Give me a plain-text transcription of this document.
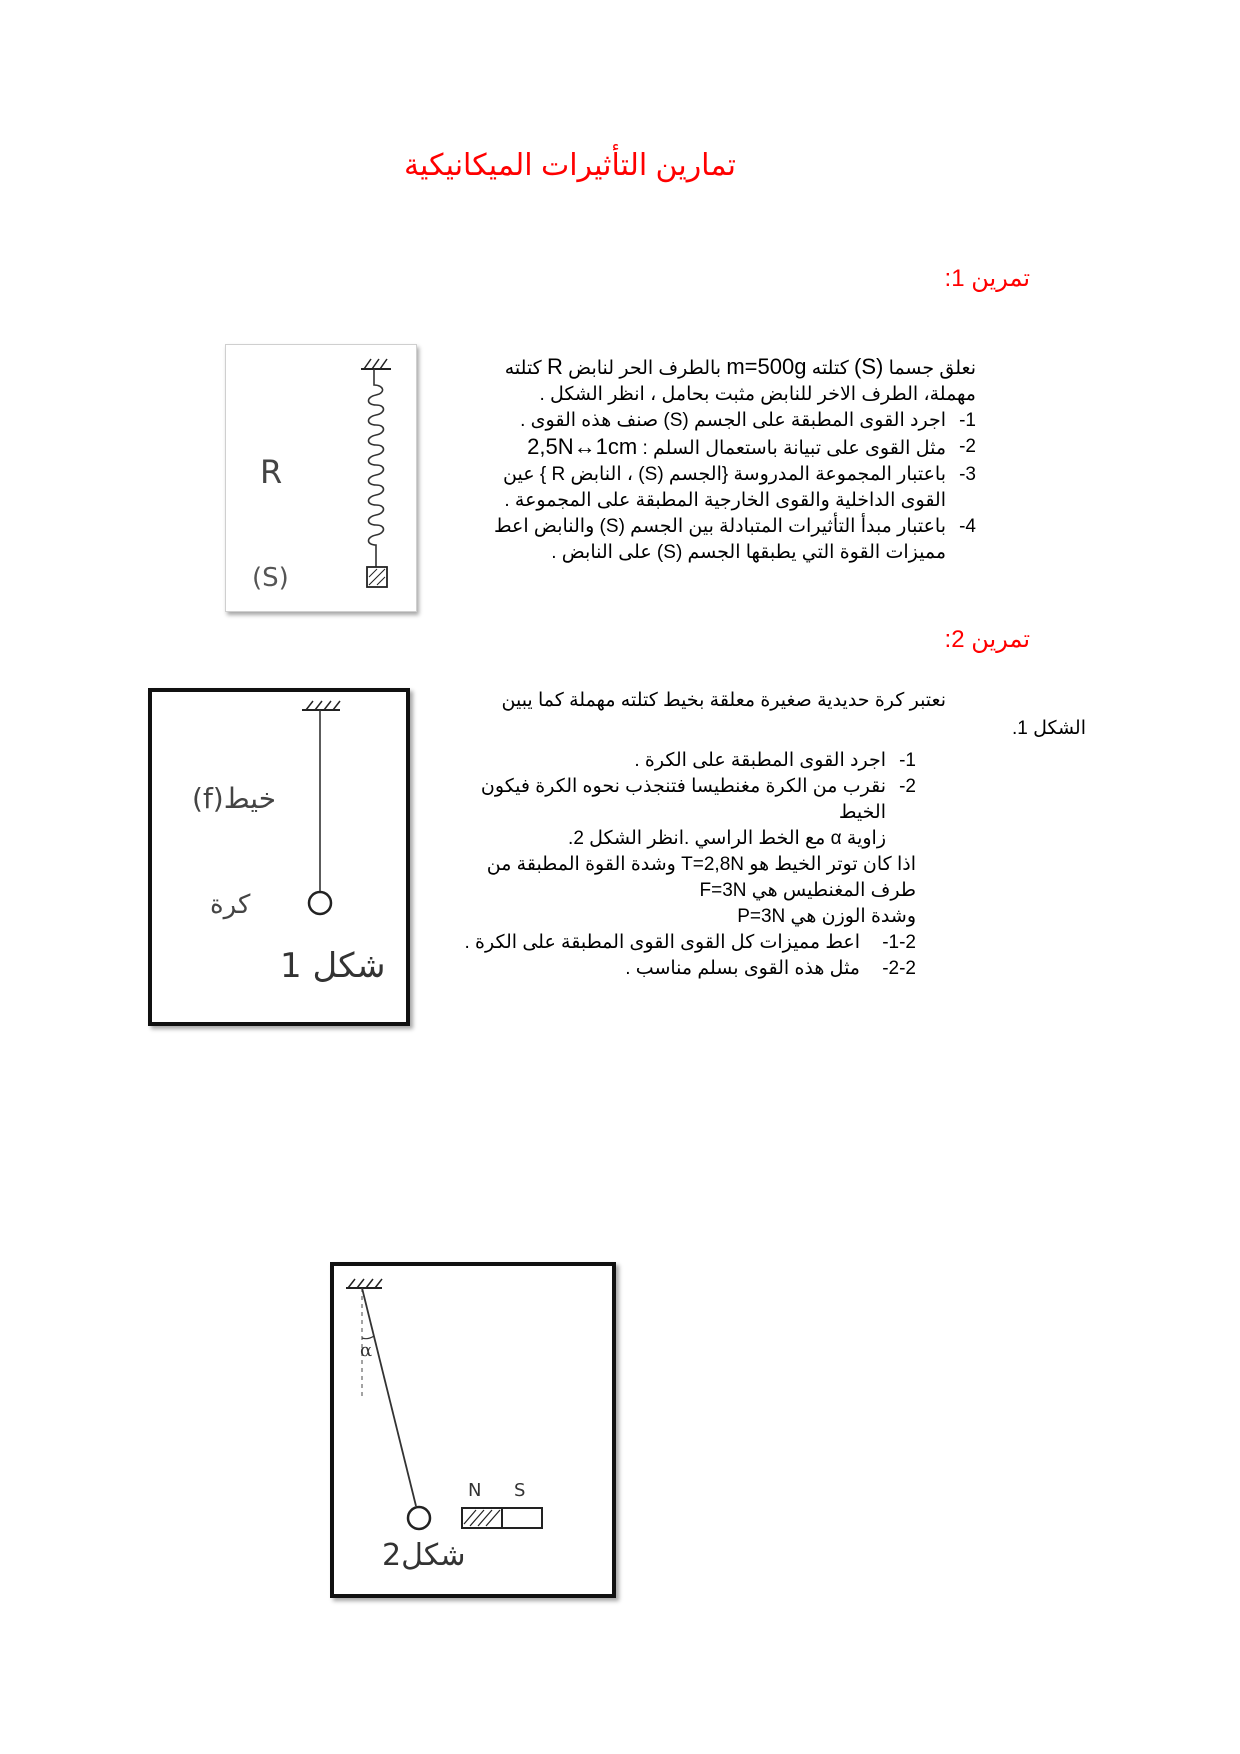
تمارين التأثيرات الميكانيكية
تمرين 1:
نعلق جسما (S) كتلته m=500g بالطرف الحر لنابض R كتلته
مهملة، الطرف الاخر للنابض مثبت بحامل ، انظر الشكل .
-1
اجرد القوى المطبقة على الجسم (S) صنف هذه القوى .
-2
مثل القوى على تبيانة باستعمال السلم : 2,5N↔1cm
-3
باعتبار المجموعة المدروسة {الجسم (S) ، النابض R } عين
القوى الداخلية والقوى الخارجية المطبقة على المجموعة .
-4
باعتبار مبدأ التأثيرات المتبادلة بين الجسم (S) والنابض اعط
مميزات القوة التي يطبقها الجسم (S) على النابض .
R
(S)
تمرين 2:
نعتبر كرة حديدية صغيرة معلقة بخيط كتلته مهملة كما يبين
الشكل 1.
-1
اجرد القوى المطبقة على الكرة .
-2
نقرب من الكرة مغنطيسا فتنجذب نحوه الكرة فيكون الخيط
زاوية α مع الخط الراسي .انظر الشكل 2.
اذا كان توتر الخيط هو T=2,8N وشدة القوة المطبقة من
طرف المغنطيس هي F=3N
وشدة الوزن هي P=3N
-1-2
اعط مميزات كل القوى القوى المطبقة على الكرة .
-2-2
مثل هذه القوى بسلم مناسب .
خيط(f)
كرة
شكل 1
α
N S
شكل2
